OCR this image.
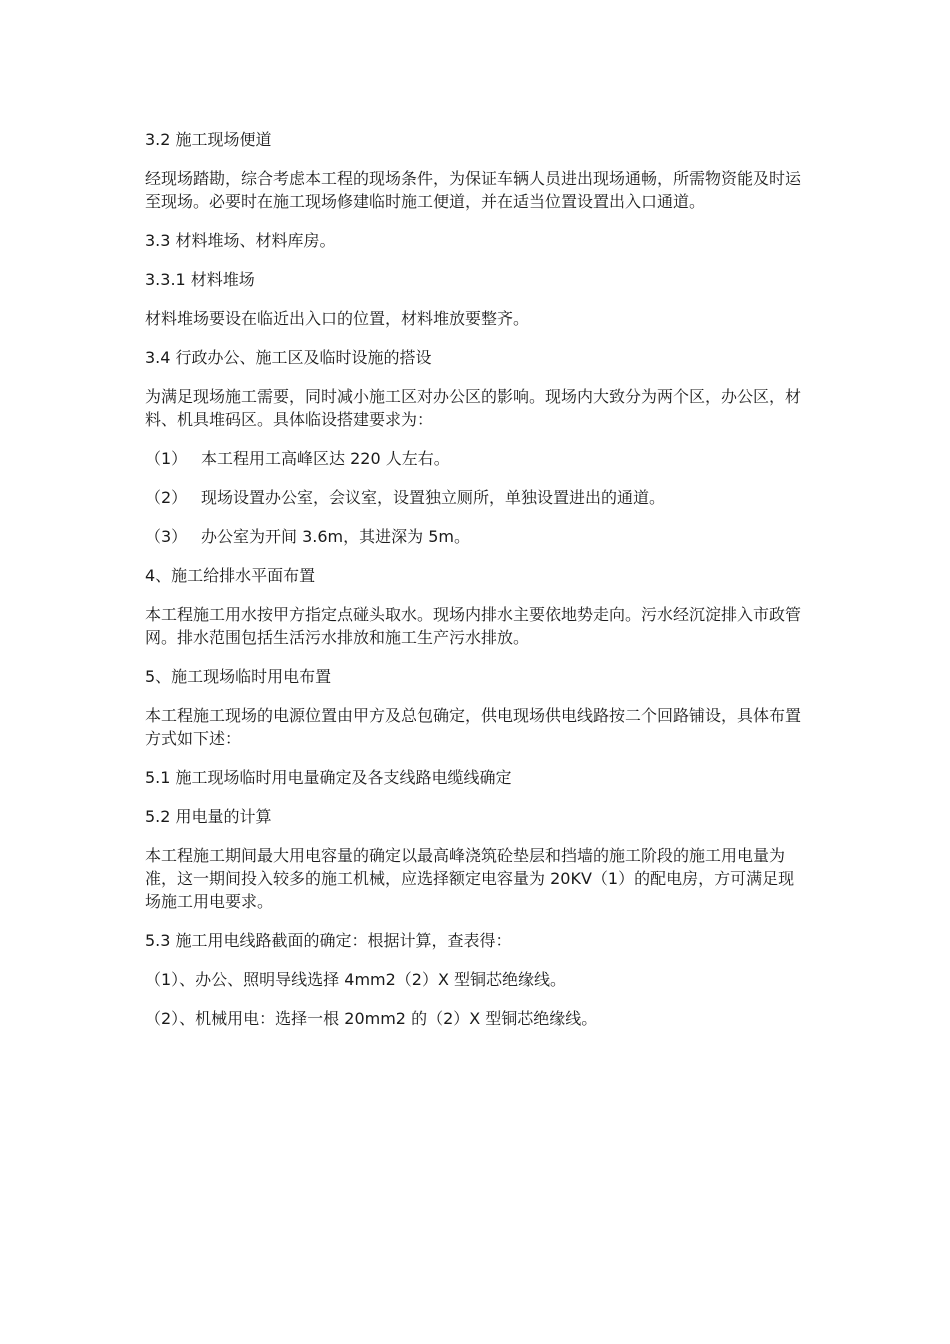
3.2 施工现场便道

经现场踏勘，综合考虑本工程的现场条件，为保证车辆人员进出现场通畅，所需物资能及时运至现场。必要时在施工现场修建临时施工便道，并在适当位置设置出入口通道。

3.3 材料堆场、材料库房。

3.3.1 材料堆场

材料堆场要设在临近出入口的位置，材料堆放要整齐。

3.4 行政办公、施工区及临时设施的搭设

为满足现场施工需要，同时减小施工区对办公区的影响。现场内大致分为两个区，办公区，材料、机具堆码区。具体临设搭建要求为：

（1） 本工程用工高峰区达 220 人左右。
（2） 现场设置办公室，会议室，设置独立厕所，单独设置进出的通道。
（3） 办公室为开间 3.6m，其进深为 5m。

4、施工给排水平面布置

本工程施工用水按甲方指定点碰头取水。现场内排水主要依地势走向。污水经沉淀排入市政管网。排水范围包括生活污水排放和施工生产污水排放。

5、施工现场临时用电布置

本工程施工现场的电源位置由甲方及总包确定，供电现场供电线路按二个回路铺设，具体布置方式如下述：

5.1 施工现场临时用电量确定及各支线路电缆线确定

5.2 用电量的计算

本工程施工期间最大用电容量的确定以最高峰浇筑砼垫层和挡墙的施工阶段的施工用电量为准，这一期间投入较多的施工机械，应选择额定电容量为 20KV（1）的配电房，方可满足现场施工用电要求。

5.3 施工用电线路截面的确定：根据计算，查表得：

（1）、办公、照明导线选择 4mm2（2）X 型铜芯绝缘线。

（2）、机械用电：选择一根 20mm2 的（2）X 型铜芯绝缘线。
